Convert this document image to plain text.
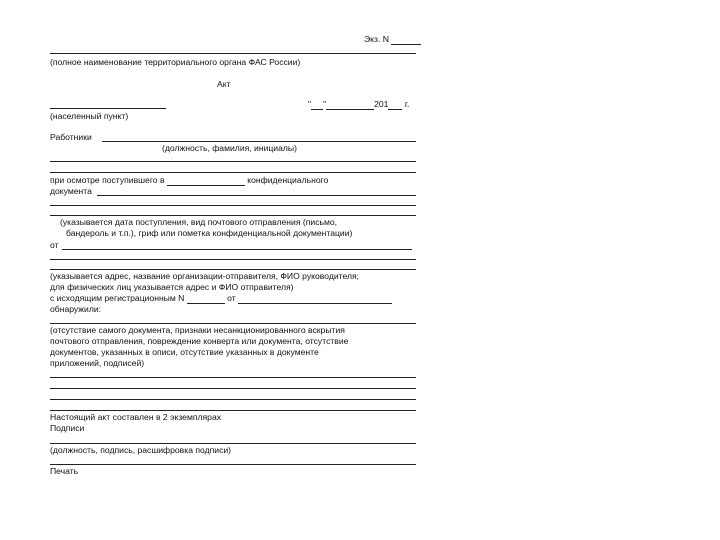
Экз. N
(полное наименование территориального органа ФАС России)
Акт
" "	201 г.
(населенный пункт)
Работники
(должность, фамилия, инициалы)
при осмотре поступившего в	конфиденциального
документа
(указывается дата поступления, вид почтового отправления (письмо,
бандероль и т.п.), гриф или пометка конфиденциальной документации)
от
(указывается адрес, название организации-отправителя, ФИО руководителя;
для физических лиц указывается адрес и ФИО отправителя)
с исходящим регистрационным N	от
обнаружили:
(отсутствие самого документа, признаки несанкционированного вскрытия
почтового отправления, повреждение конверта или документа, отсутствие
документов, указанных в описи, отсутствие указанных в документе
приложений, подписей)
Настоящий акт составлен в 2 экземплярах
Подписи
(должность, подпись, расшифровка подписи)
Печать
